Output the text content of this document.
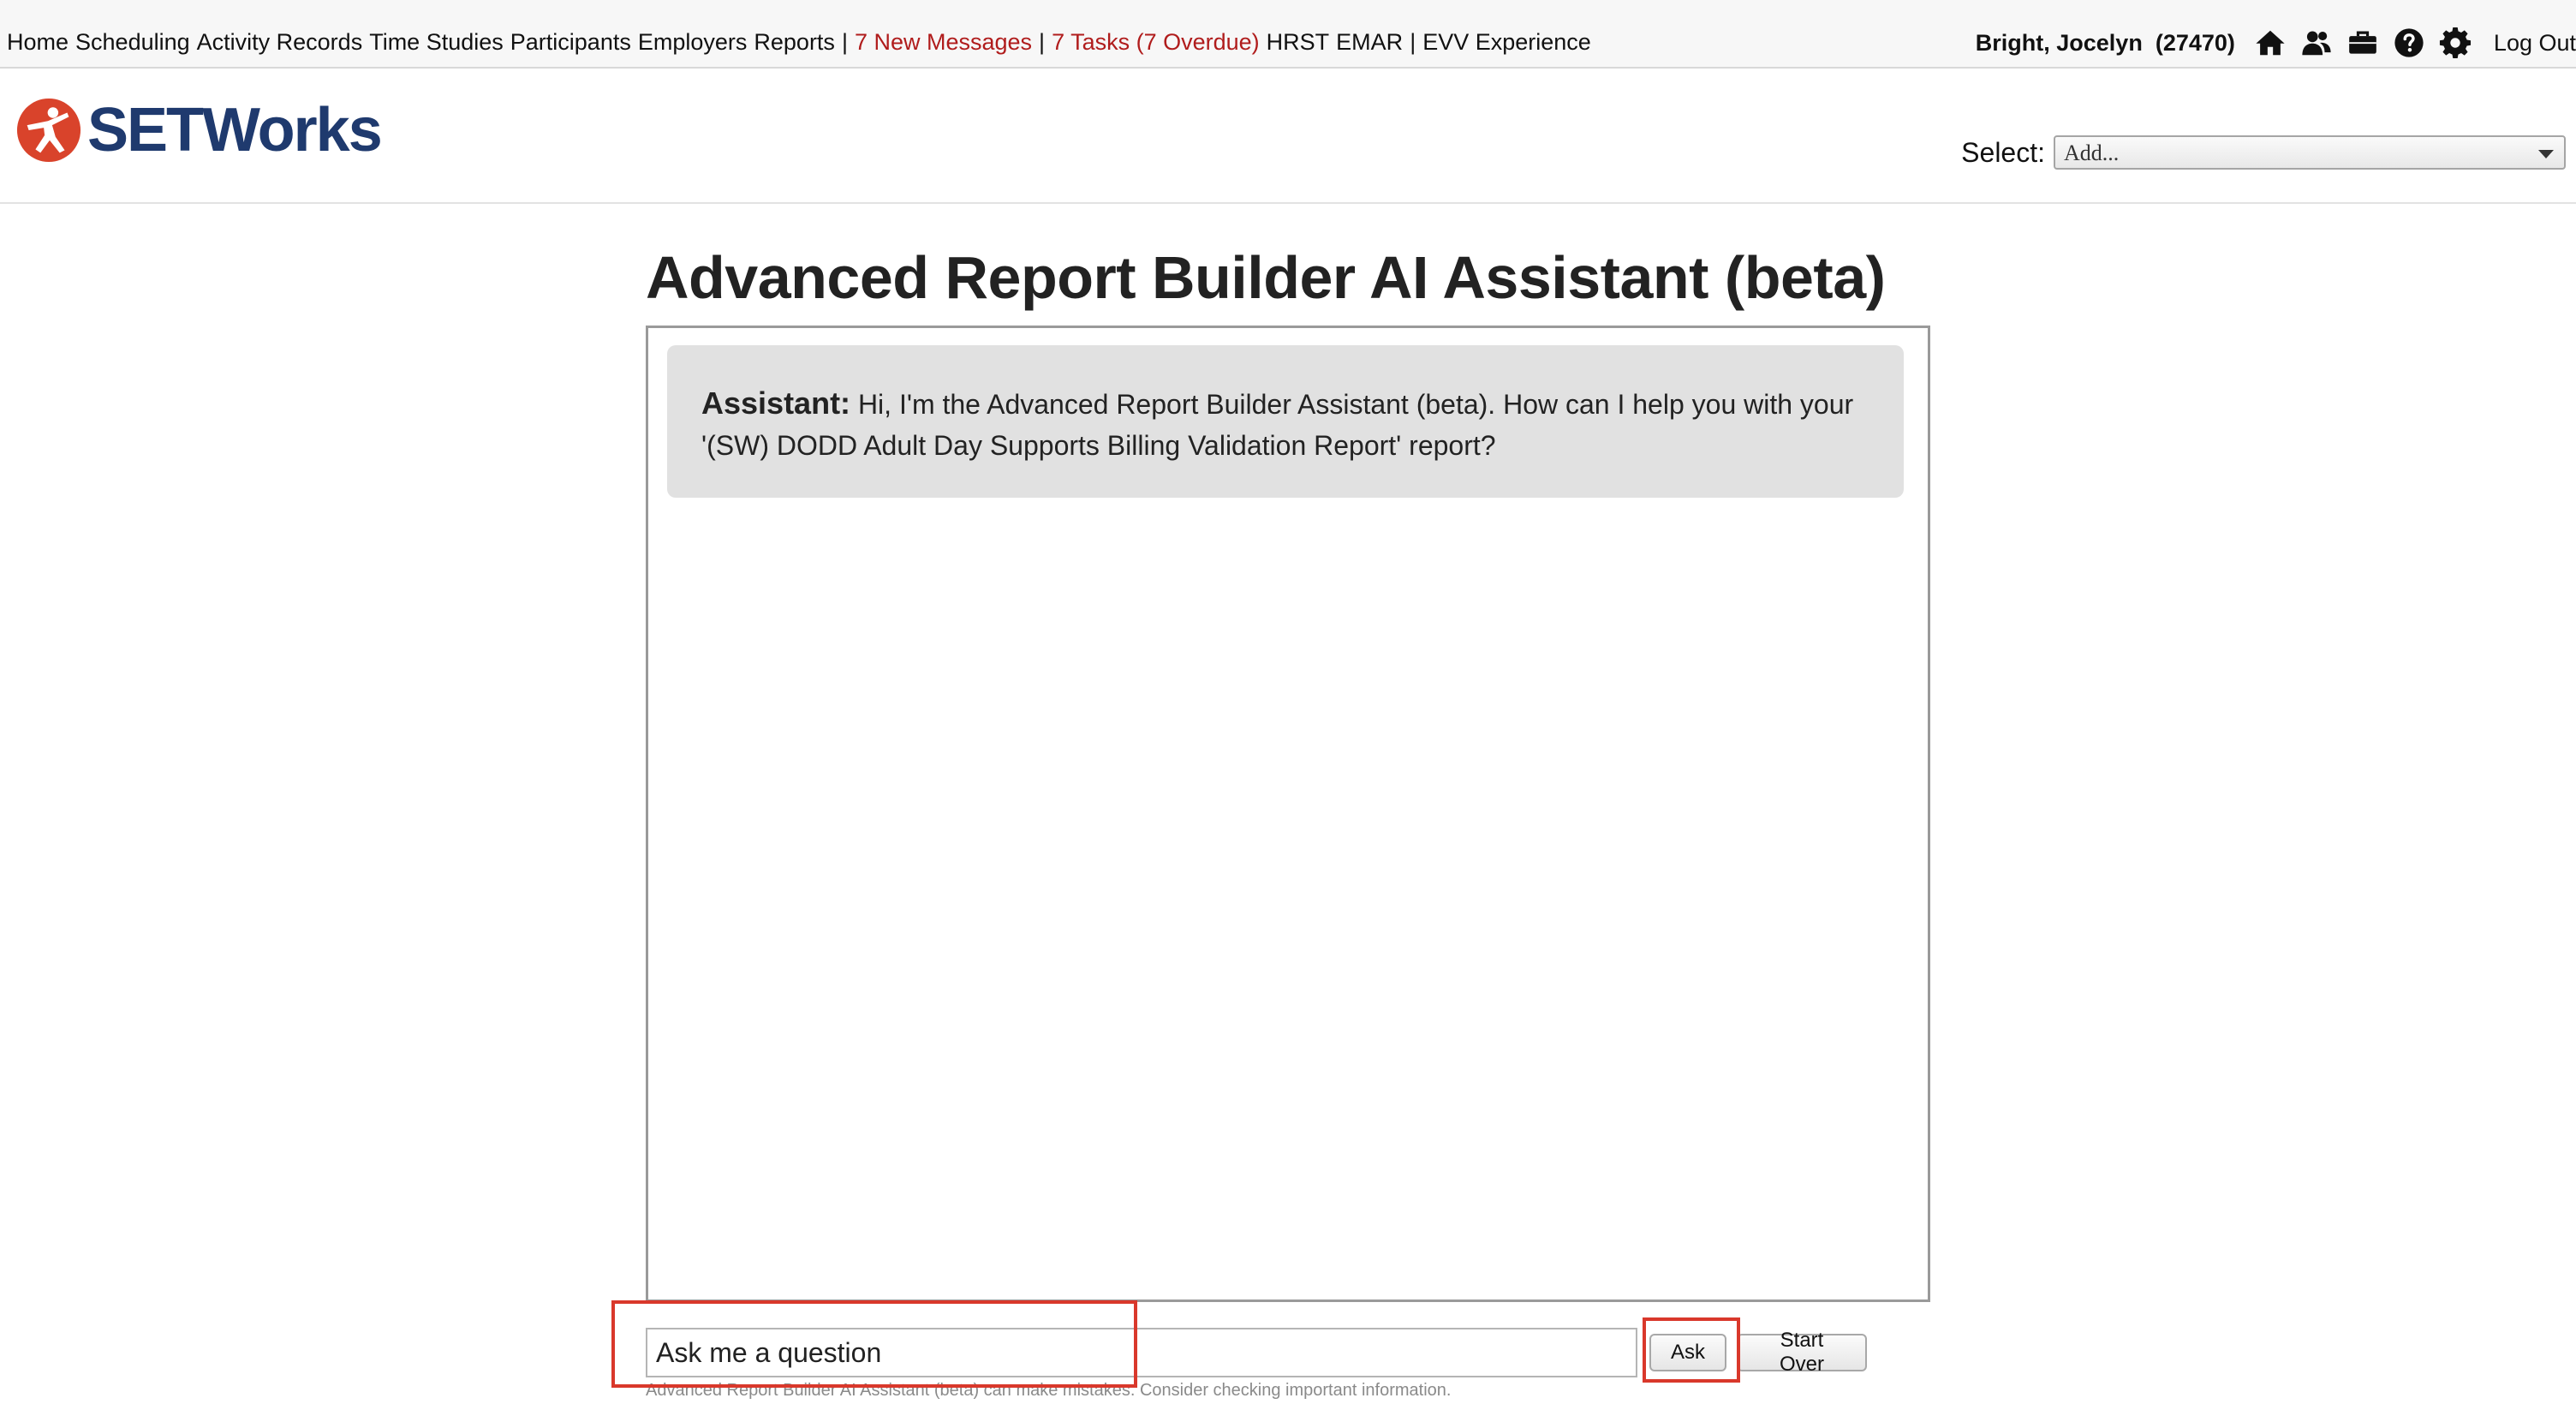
Home Scheduling Activity Records Time Studies Participants Employers Reports | 7 New Messages | 7 Tasks (7 Overdue) HRST EMAR | EVV Experience	Bright, Jocelyn (27470)	Log Out
SETWorks	Select: Add...
Advanced Report Builder AI Assistant (beta)
Assistant: Hi, I'm the Advanced Report Builder Assistant (beta). How can I help you with your '(SW) DODD Adult Day Supports Billing Validation Report' report?
Ask me a question
Ask
Start Over
Advanced Report Builder AI Assistant (beta) can make mistakes. Consider checking important information.
